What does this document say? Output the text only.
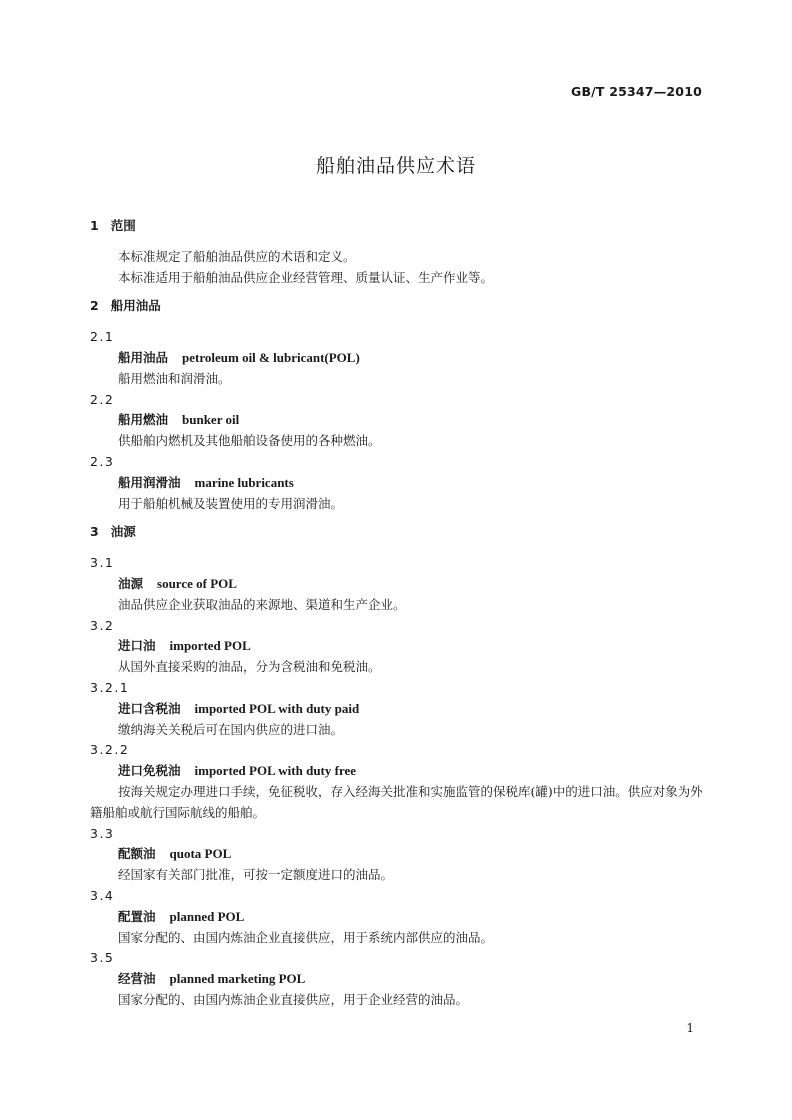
GB/T 25347—2010
船舶油品供应术语
1 范围

本标准规定了船舶油品供应的术语和定义。

本标准适用于船舶油品供应企业经营管理、质量认证、生产作业等。

2 船用油品

2.1

船用油品 petroleum oil & lubricant(POL)

船用燃油和润滑油。

2.2

船用燃油 bunker oil

供船舶内燃机及其他船舶设备使用的各种燃油。

2.3

船用润滑油 marine lubricants

用于船舶机械及装置使用的专用润滑油。

3 油源

3.1

油源 source of POL

油品供应企业获取油品的来源地、渠道和生产企业。

3.2

进口油 imported POL

从国外直接采购的油品，分为含税油和免税油。

3.2.1

进口含税油 imported POL with duty paid

缴纳海关关税后可在国内供应的进口油。

3.2.2

进口免税油 imported POL with duty free

按海关规定办理进口手续，免征税收，存入经海关批准和实施监管的保税库(罐)中的进口油。供应对象为外籍船舶或航行国际航线的船舶。

3.3

配额油 quota POL

经国家有关部门批准，可按一定额度进口的油品。

3.4

配置油 planned POL

国家分配的、由国内炼油企业直接供应，用于系统内部供应的油品。

3.5

经营油 planned marketing POL

国家分配的、由国内炼油企业直接供应，用于企业经营的油品。

1
